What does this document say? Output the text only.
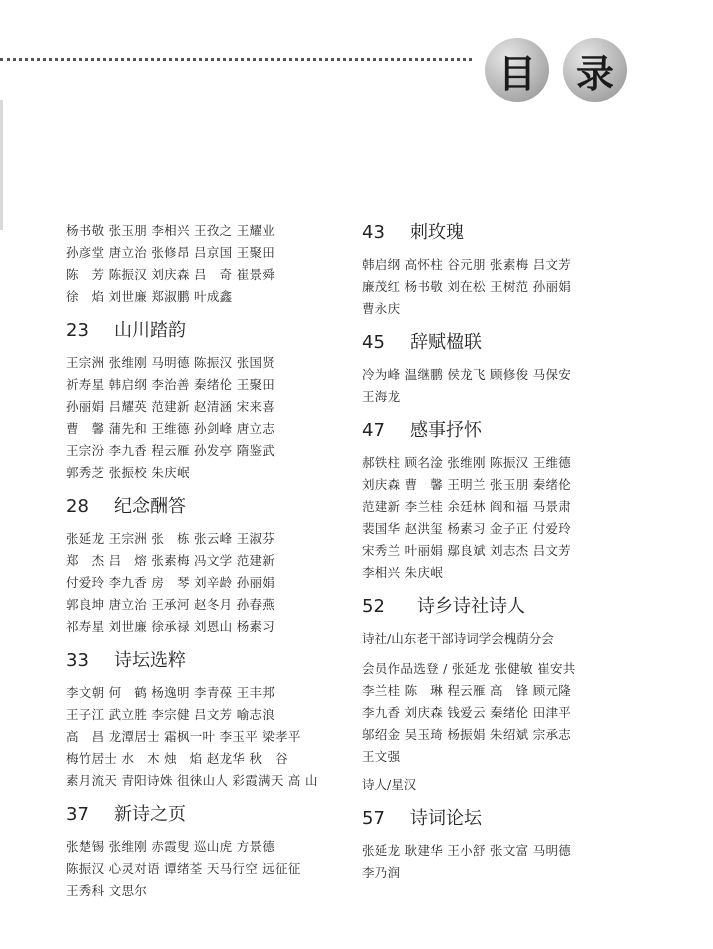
目	录
杨书敬 张玉朋 李相兴 王孜之 王耀业
孙彦堂 唐立治 张修昂 吕京国 王聚田
陈　芳 陈振汉 刘庆森 吕　奇 崔景舜
徐　焰 刘世廉 郑淑鹏 叶成鑫
23 山川踏韵
王宗洲 张维刚 马明德 陈振汉 张国贤
祈寿星 韩启纲 李治善 秦绪伦 王聚田
孙丽娟 吕耀英 范建新 赵清涵 宋来喜
曹　馨 蒲先和 王维德 孙剑峰 唐立志
王宗汾 李九香 程云雁 孙发亭 隋鉴武
郭秀芝 张振校 朱庆岷
28 纪念酬答
张延龙 王宗洲 张　栋 张云峰 王淑芬
郑　杰 吕　熔 张素梅 冯文学 范建新
付爱玲 李九香 房　琴 刘辛龄 孙丽娟
郭良坤 唐立治 王承河 赵冬月 孙春燕
祁寿星 刘世廉 徐承禄 刘恩山 杨素习
33 诗坛选粹
李文朝 何　鹤 杨逸明 李青葆 王丰邦
王子江 武立胜 李宗健 吕文芳 喻志浪
高　昌 龙潭居士 霜枫一叶 李玉平 梁孝平
梅竹居士 水　木 烛　焰 赵龙华 秋　谷
素月流天 青阳诗姝 徂徕山人 彩霞满天 高 山
37 新诗之页
张楚锡 张维刚 赤霞叟 巡山虎 方景德
陈振汉 心灵对语 谭绪荃 天马行空 远征征
王秀科 文思尔
43 刺玫瑰
韩启纲 高怀柱 谷元朋 张素梅 吕文芳
廉茂红 杨书敬 刘在松 王树范 孙丽娟
曹永庆
45 辞赋楹联
冷为峰 温继鹏 侯龙飞 顾修俊 马保安
王海龙
47 感事抒怀
郝铁柱 顾名淦 张维刚 陈振汉 王维德
刘庆森 曹　馨 王明兰 张玉朋 秦绪伦
范建新 李兰桂 余廷林 阎和福 马景肃
裴国华 赵洪玺 杨素习 金子正 付爱玲
宋秀兰 叶丽娟 鄢良斌 刘志杰 吕文芳
李相兴 朱庆岷
52 诗乡诗社诗人
诗社/山东老干部诗词学会槐荫分会
会员作品选登 / 张延龙 张健敏 崔安共
李兰桂 陈　琳 程云雁 高　锋 顾元隆
李九香 刘庆森 钱爱云 秦绪伦 田津平
邬绍金 吴玉琦 杨振娟 朱绍斌 宗承志
王文强
诗人/星汉
57 诗词论坛
张延龙 耿建华 王小舒 张文富 马明德
李乃润
